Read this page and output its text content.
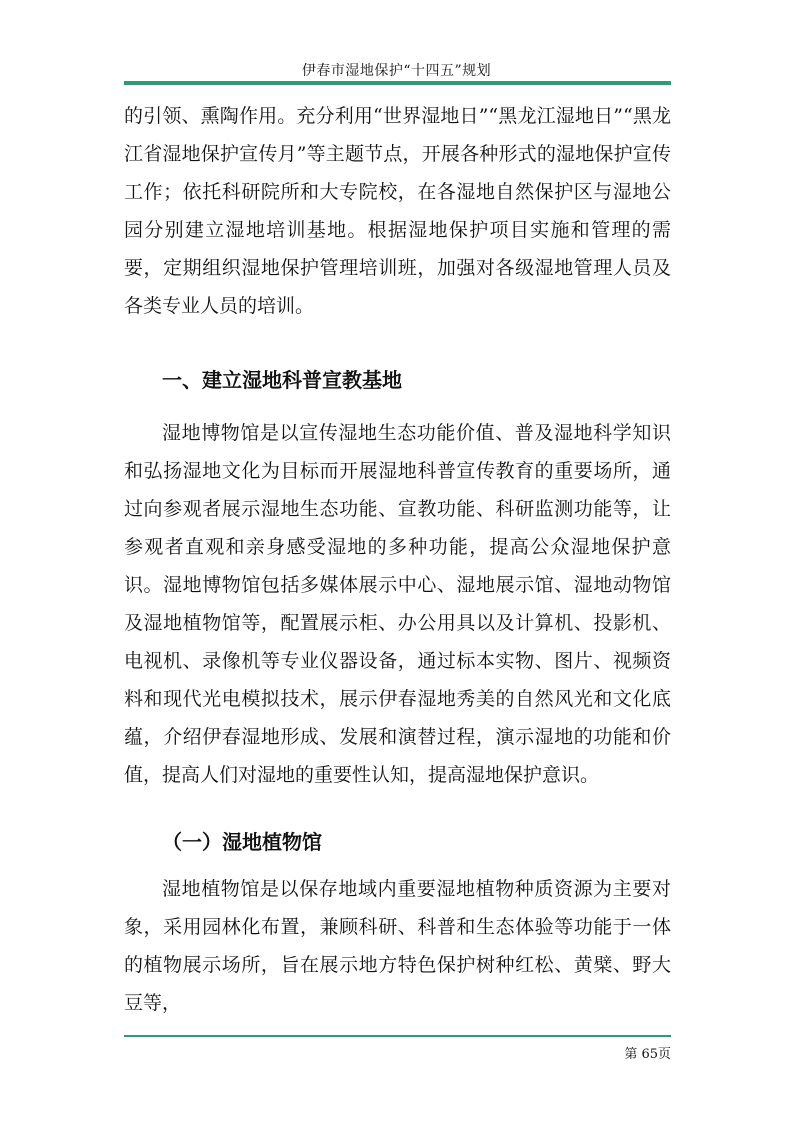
伊春市湿地保护“十四五”规划
的引领、熏陶作用。充分利用“世界湿地日”“黑龙江湿地日”“黑龙江省湿地保护宣传月”等主题节点，开展各种形式的湿地保护宣传工作；依托科研院所和大专院校，在各湿地自然保护区与湿地公园分别建立湿地培训基地。根据湿地保护项目实施和管理的需要，定期组织湿地保护管理培训班，加强对各级湿地管理人员及各类专业人员的培训。
一、建立湿地科普宣教基地
湿地博物馆是以宣传湿地生态功能价值、普及湿地科学知识和弘扬湿地文化为目标而开展湿地科普宣传教育的重要场所，通过向参观者展示湿地生态功能、宣教功能、科研监测功能等，让参观者直观和亲身感受湿地的多种功能，提高公众湿地保护意识。湿地博物馆包括多媒体展示中心、湿地展示馆、湿地动物馆及湿地植物馆等，配置展示柜、办公用具以及计算机、投影机、电视机、录像机等专业仪器设备，通过标本实物、图片、视频资料和现代光电模拟技术，展示伊春湿地秀美的自然风光和文化底蕴，介绍伊春湿地形成、发展和演替过程，演示湿地的功能和价值，提高人们对湿地的重要性认知，提高湿地保护意识。
（一）湿地植物馆
湿地植物馆是以保存地域内重要湿地植物种质资源为主要对象，采用园林化布置，兼顾科研、科普和生态体验等功能于一体的植物展示场所，旨在展示地方特色保护树种红松、黄檗、野大豆等，
第 65页
